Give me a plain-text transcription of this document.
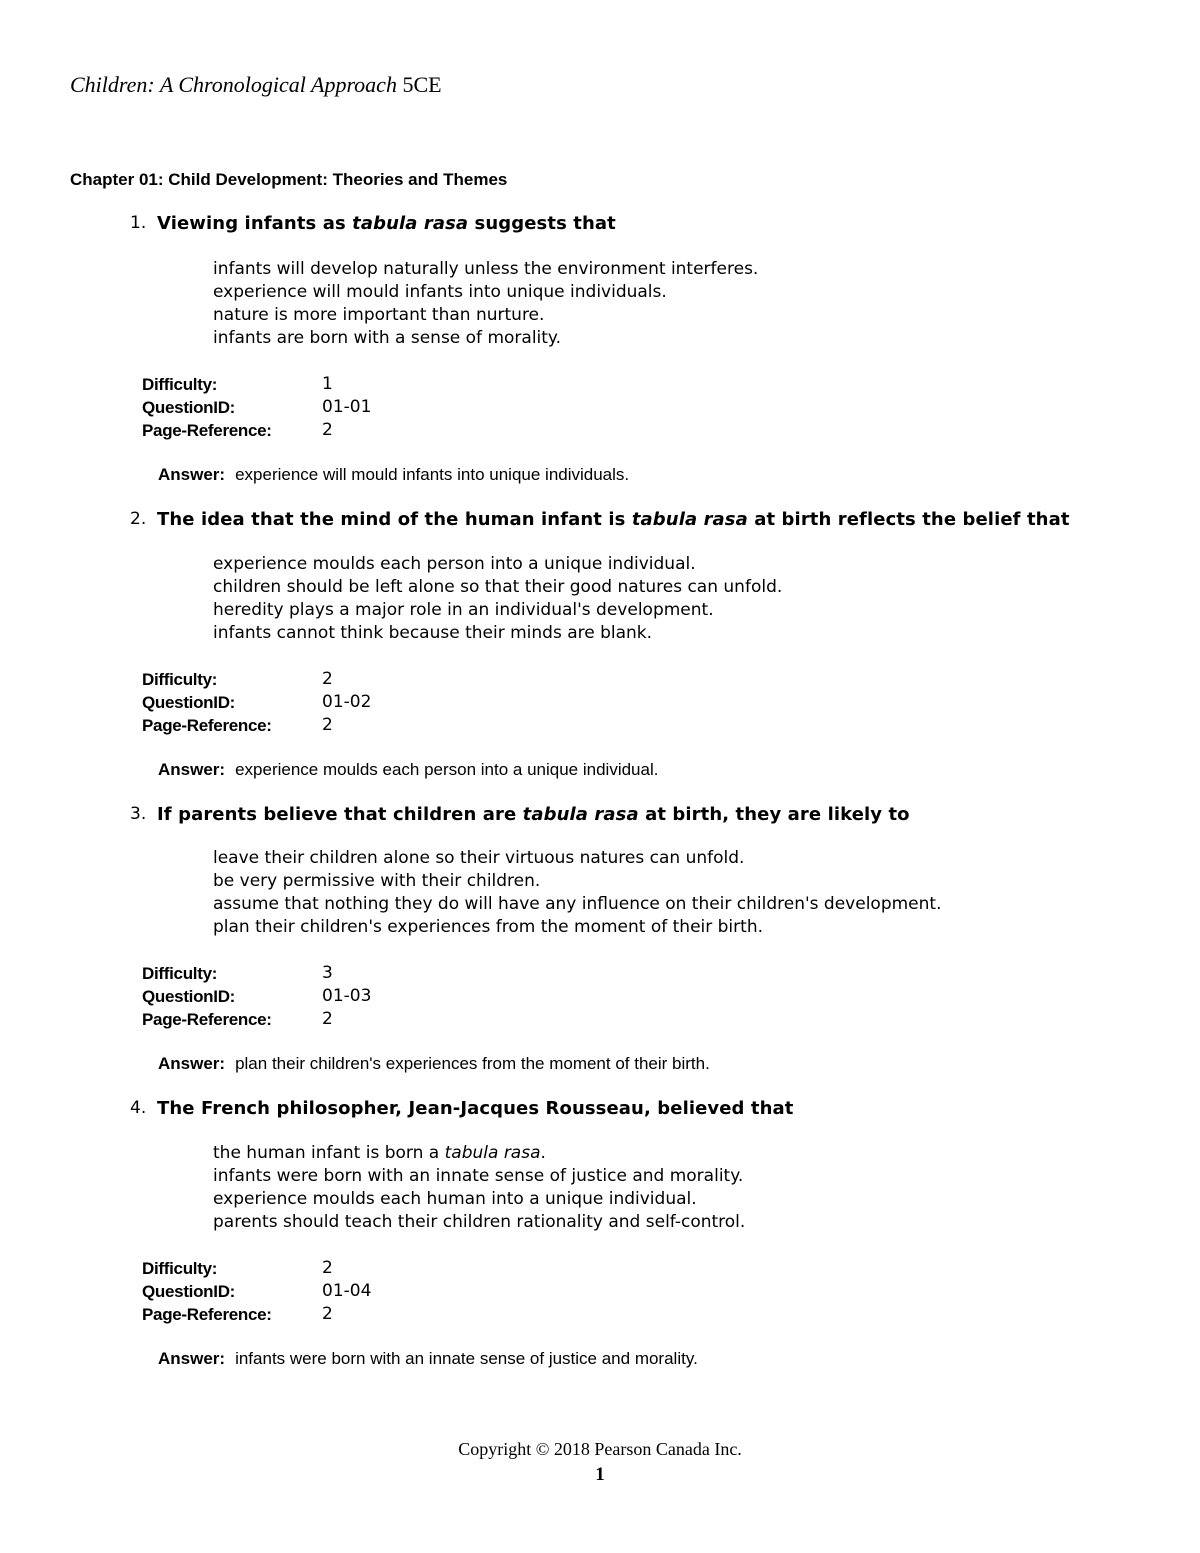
Children: A Chronological Approach 5CE
Chapter 01: Child Development: Theories and Themes
1. Viewing infants as tabula rasa suggests that
infants will develop naturally unless the environment interferes.
experience will mould infants into unique individuals.
nature is more important than nurture.
infants are born with a sense of morality.
Difficulty:	1
QuestionID:	01-01
Page-Reference:	2
Answer: experience will mould infants into unique individuals.
2. The idea that the mind of the human infant is tabula rasa at birth reflects the belief that
experience moulds each person into a unique individual.
children should be left alone so that their good natures can unfold.
heredity plays a major role in an individual's development.
infants cannot think because their minds are blank.
Difficulty:	2
QuestionID:	01-02
Page-Reference:	2
Answer: experience moulds each person into a unique individual.
3. If parents believe that children are tabula rasa at birth, they are likely to
leave their children alone so their virtuous natures can unfold.
be very permissive with their children.
assume that nothing they do will have any influence on their children's development.
plan their children's experiences from the moment of their birth.
Difficulty:	3
QuestionID:	01-03
Page-Reference:	2
Answer: plan their children's experiences from the moment of their birth.
4. The French philosopher, Jean-Jacques Rousseau, believed that
the human infant is born a tabula rasa.
infants were born with an innate sense of justice and morality.
experience moulds each human into a unique individual.
parents should teach their children rationality and self-control.
Difficulty:	2
QuestionID:	01-04
Page-Reference:	2
Answer: infants were born with an innate sense of justice and morality.
Copyright © 2018 Pearson Canada Inc.
1
